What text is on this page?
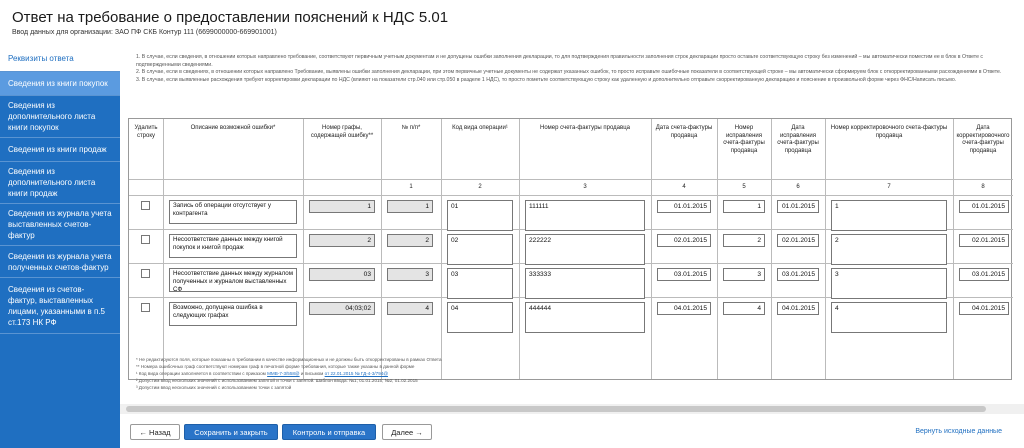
Ответ на требование о предоставлении пояснений к НДС 5.01
Ввод данных для организации: ЗАО ПФ СКБ Контур 111 (6699000000-669901001)
Реквизиты ответа
Сведения из книги покупок
Сведения из дополнительного листа книги покупок
Сведения из книги продаж
Сведения из дополнительного листа книги продаж
Сведения из журнала учета выставленных счетов-фактур
Сведения из журнала учета полученных счетов-фактур
Сведения из счетов-фактур, выставленных лицами, указанными в п.5 ст.173 НК РФ
1. В случае, если сведения, в отношении которых направлено требование, соответствуют первичным учетным документам и не допущены ошибки заполнения декларации, то для подтверждения правильности заполнения строк декларации просто оставьте соответствующую строку без изменений – мы автоматически поместим ее в блок в Ответе с подтвержденными сведениями.
2. В случае, если в сведениях, в отношении которых направлено Требование, выявлены ошибки заполнения декларации, при этом первичные учетные документы не содержат указанных ошибок, то просто исправьте ошибочные показатели в соответствующей строке – мы автоматически сформируем блок с откорректированными расхождениями в Ответе.
3. В случае, если выявленные расхождения требуют корректировки декларации по НДС (влияют на показатели стр.040 или стр.050 в разделе 1 НДС), то просто пометьте соответствующую строку как удаленную и дополнительно отправьте скорректированную декларацию и пояснение в произвольной форме через ФНС/Написать письмо.
Удалить строку
Описание возможной ошибки*	Номер графы, содержащей ошибку**
№ п/п*	Код вида операции¹	Номер счета-фактуры продавца	Дата счета-фактуры продавца
Номер исправления счета-фактуры продавца
Дата исправления счета-фактуры продавца
Номер корректировочного счета-фактуры продавца
Дата корректировочного счета-фактуры продавца
1	2	3	4	5	6	7	8
Запись об операции отсутствует у контрагента
1	1	01	111111	01.01.2015	1	01.01.2015	1	01.01.2015
Несоответствие данных между книгой покупок и книгой продаж
2	2	02	222222	02.01.2015	2	02.01.2015	2	02.01.2015
Несоответствие данных между журналом полученных и журналом выставленных СФ
03	3	03	333333	03.01.2015	3	03.01.2015	3	03.01.2015
Возможно, допущена ошибка в следующих графах
04;03;02	4	04	444444	04.01.2015	4	04.01.2015	4	04.01.2015
* Не редактируются поля, которые показаны в требовании в качестве информационных и не должны быть откорректированы в рамках Ответа
** Номера ошибочных граф соответствуют номерам граф в печатной форме требования, которые также указаны в данной форме
¹ Код вида операции заполняется в соответствии с приказом ММВ-7-3/558@ и письмом от 22.01.2015 № ГД-4-3/794@
² Допустим ввод нескольких значений с использованием запятой и точки с запятой. Шаблон ввода: №1; 01.01.2015; №2; 01.02.2015
³ Допустим ввод нескольких значений с использованием точки с запятой
← Назад	Сохранить и закрыть	Контроль и отправка	Далее →	Вернуть исходные данные
